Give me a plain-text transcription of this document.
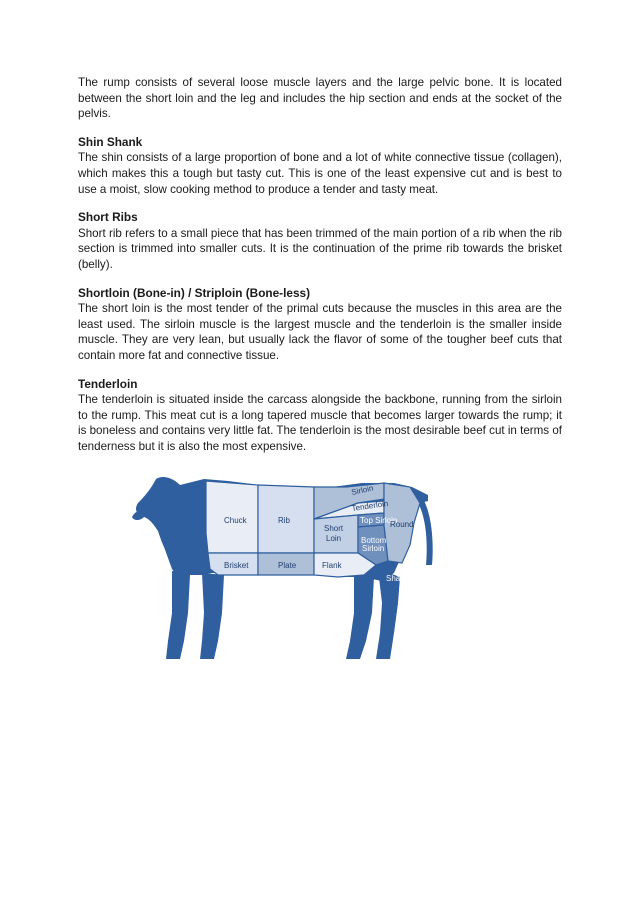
The rump consists of several loose muscle layers and the large pelvic bone. It is located between the short loin and the leg and includes the hip section and ends at the socket of the pelvis.

Shin Shank

The shin consists of a large proportion of bone and a lot of white connective tissue (collagen), which makes this a tough but tasty cut. This is one of the least expensive cut and is best to use a moist, slow cooking method to produce a tender and tasty meat.

Short Ribs

Short rib refers to a small piece that has been trimmed of the main portion of a rib when the rib section is trimmed into smaller cuts. It is the continuation of the prime rib towards the brisket (belly).

Shortloin (Bone-in) / Striploin (Bone-less)

The short loin is the most tender of the primal cuts because the muscles in this area are the least used. The sirloin muscle is the largest muscle and the tenderloin is the smaller inside muscle. They are very lean, but usually lack the flavor of some of the tougher beef cuts that contain more fat and connective tissue.

Tenderloin

The tenderloin is situated inside the carcass alongside the backbone, running from the sirloin to the rump. This meat cut is a long tapered muscle that becomes larger towards the rump; it is boneless and contains very little fat. The tenderloin is the most desirable beef cut in terms of tenderness but it is also the most expensive.

Chuck	Rib
Sirloin
Tenderloin
Top Sirloin
Short
Loin Bottom
Sirloin
Round
Brisket	Plate	Flank
Shank
Shank
